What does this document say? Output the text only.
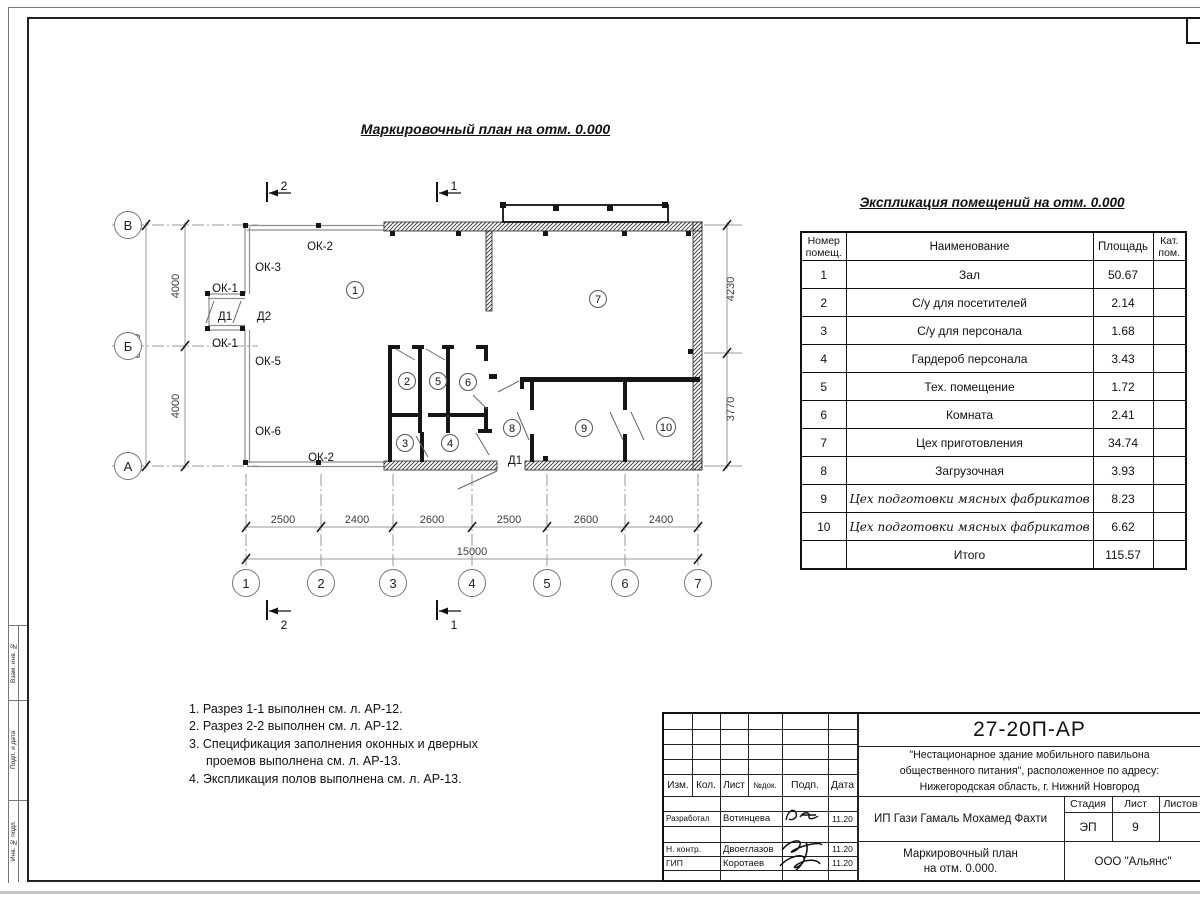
Взам. инв. №
Подп. и дата
Инв. № подл.
Маркировочный план на отм. 0.000
2500	2400	2600	2500	2600	2400
15000
4000
4000
4230
3770
В
Б
А
1	2	3	4	5	6	7
2	1
2	1
1
2
3	4
5 6
7
8	9	10
ОК-2
ОК-3
ОК-1
Д1 Д2
ОК-1
ОК-5
ОК-6
ОК-2	Д1
Экспликация помещений на отм. 0.000
Номер помещ.	Наименование	Площадь	Кат. пом.
1	Зал	50.67	
2	С/у для посетителей	2.14	
3	С/у для персонала	1.68	
4	Гардероб персонала	3.43	
5	Тех. помещение	1.72	
6	Комната	2.41	
7	Цех приготовления	34.74	
8	Загрузочная	3.93	
9	Цех подготовки мясных фабрикатов	8.23	
10	Цех подготовки мясных фабрикатов	6.62	
	Итого	115.57	
1. Разрез 1-1 выполнен см. л. АР-12.
2. Разрез 2-2 выполнен см. л. АР-12.
3. Спецификация заполнения оконных и дверных
проемов выполнена см. л. АР-13.
4. Экспликация полов выполнена см. л. АР-13.	Изм. Кол. Лист	№док.	Подп.	Дата
Разработал	Вотинцева	11.20
Н. контр.	Двоеглазов	11.20
ГИП	Коротаев	11.20
27-20П-АР
"Нестационарное здание мобильного павильона
общественного питания", расположенное по адресу:
Нижегородская область, г. Нижний Новгород
ИП Гази Гамаль Мохамед Фахти
Стадия	Лист	Листов
ЭП	9
Маркировочный план
на отм. 0.000.
ООО "Альянс"
